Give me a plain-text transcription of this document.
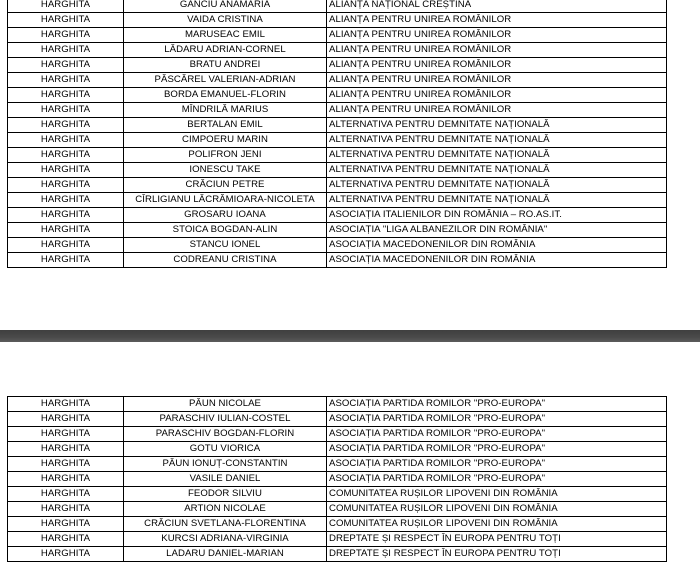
HARGHITA	GANCIU ANAMARIA	ALIANȚA NAȚIONAL CREȘTINĂ
HARGHITA	VAIDA CRISTINA	ALIANȚA PENTRU UNIREA ROMÂNILOR
HARGHITA	MARUSEAC EMIL	ALIANȚA PENTRU UNIREA ROMÂNILOR
HARGHITA	LĂDARU ADRIAN-CORNEL	ALIANȚA PENTRU UNIREA ROMÂNILOR
HARGHITA	BRATU ANDREI	ALIANȚA PENTRU UNIREA ROMÂNILOR
HARGHITA	PĂSCĂREL VALERIAN-ADRIAN	ALIANȚA PENTRU UNIREA ROMÂNILOR
HARGHITA	BORDA EMANUEL-FLORIN	ALIANȚA PENTRU UNIREA ROMÂNILOR
HARGHITA	MÎNDRILĂ MARIUS	ALIANȚA PENTRU UNIREA ROMÂNILOR
HARGHITA	BERTALAN EMIL	ALTERNATIVA PENTRU DEMNITATE NAȚIONALĂ
HARGHITA	CIMPOERU MARIN	ALTERNATIVA PENTRU DEMNITATE NAȚIONALĂ
HARGHITA	POLIFRON JENI	ALTERNATIVA PENTRU DEMNITATE NAȚIONALĂ
HARGHITA	IONESCU TAKE	ALTERNATIVA PENTRU DEMNITATE NAȚIONALĂ
HARGHITA	CRĂCIUN PETRE	ALTERNATIVA PENTRU DEMNITATE NAȚIONALĂ
HARGHITA	CÎRLIGIANU LĂCRĂMIOARA-NICOLETA	ALTERNATIVA PENTRU DEMNITATE NAȚIONALĂ
HARGHITA	GROSARU IOANA	ASOCIAȚIA ITALIENILOR DIN ROMÂNIA – RO.AS.IT.
HARGHITA	STOICA BOGDAN-ALIN	ASOCIAȚIA "LIGA ALBANEZILOR DIN ROMÂNIA"
HARGHITA	STANCU IONEL	ASOCIAȚIA MACEDONENILOR DIN ROMÂNIA
HARGHITA	CODREANU CRISTINA	ASOCIAȚIA MACEDONENILOR DIN ROMÂNIA
HARGHITA	PĂUN NICOLAE	ASOCIAȚIA PARTIDA ROMILOR "PRO-EUROPA"
HARGHITA	PARASCHIV IULIAN-COSTEL	ASOCIAȚIA PARTIDA ROMILOR "PRO-EUROPA"
HARGHITA	PARASCHIV BOGDAN-FLORIN	ASOCIAȚIA PARTIDA ROMILOR "PRO-EUROPA"
HARGHITA	GOTU VIORICA	ASOCIAȚIA PARTIDA ROMILOR "PRO-EUROPA"
HARGHITA	PĂUN IONUȚ-CONSTANTIN	ASOCIAȚIA PARTIDA ROMILOR "PRO-EUROPA"
HARGHITA	VASILE DANIEL	ASOCIAȚIA PARTIDA ROMILOR "PRO-EUROPA"
HARGHITA	FEODOR SILVIU	COMUNITATEA RUȘILOR LIPOVENI DIN ROMÂNIA
HARGHITA	ARTION NICOLAE	COMUNITATEA RUȘILOR LIPOVENI DIN ROMÂNIA
HARGHITA	CRĂCIUN SVETLANA-FLORENTINA	COMUNITATEA RUȘILOR LIPOVENI DIN ROMÂNIA
HARGHITA	KURCSI ADRIANA-VIRGINIA	DREPTATE ȘI RESPECT ÎN EUROPA PENTRU TOȚI
HARGHITA	LADARU DANIEL-MARIAN	DREPTATE ȘI RESPECT ÎN EUROPA PENTRU TOȚI
